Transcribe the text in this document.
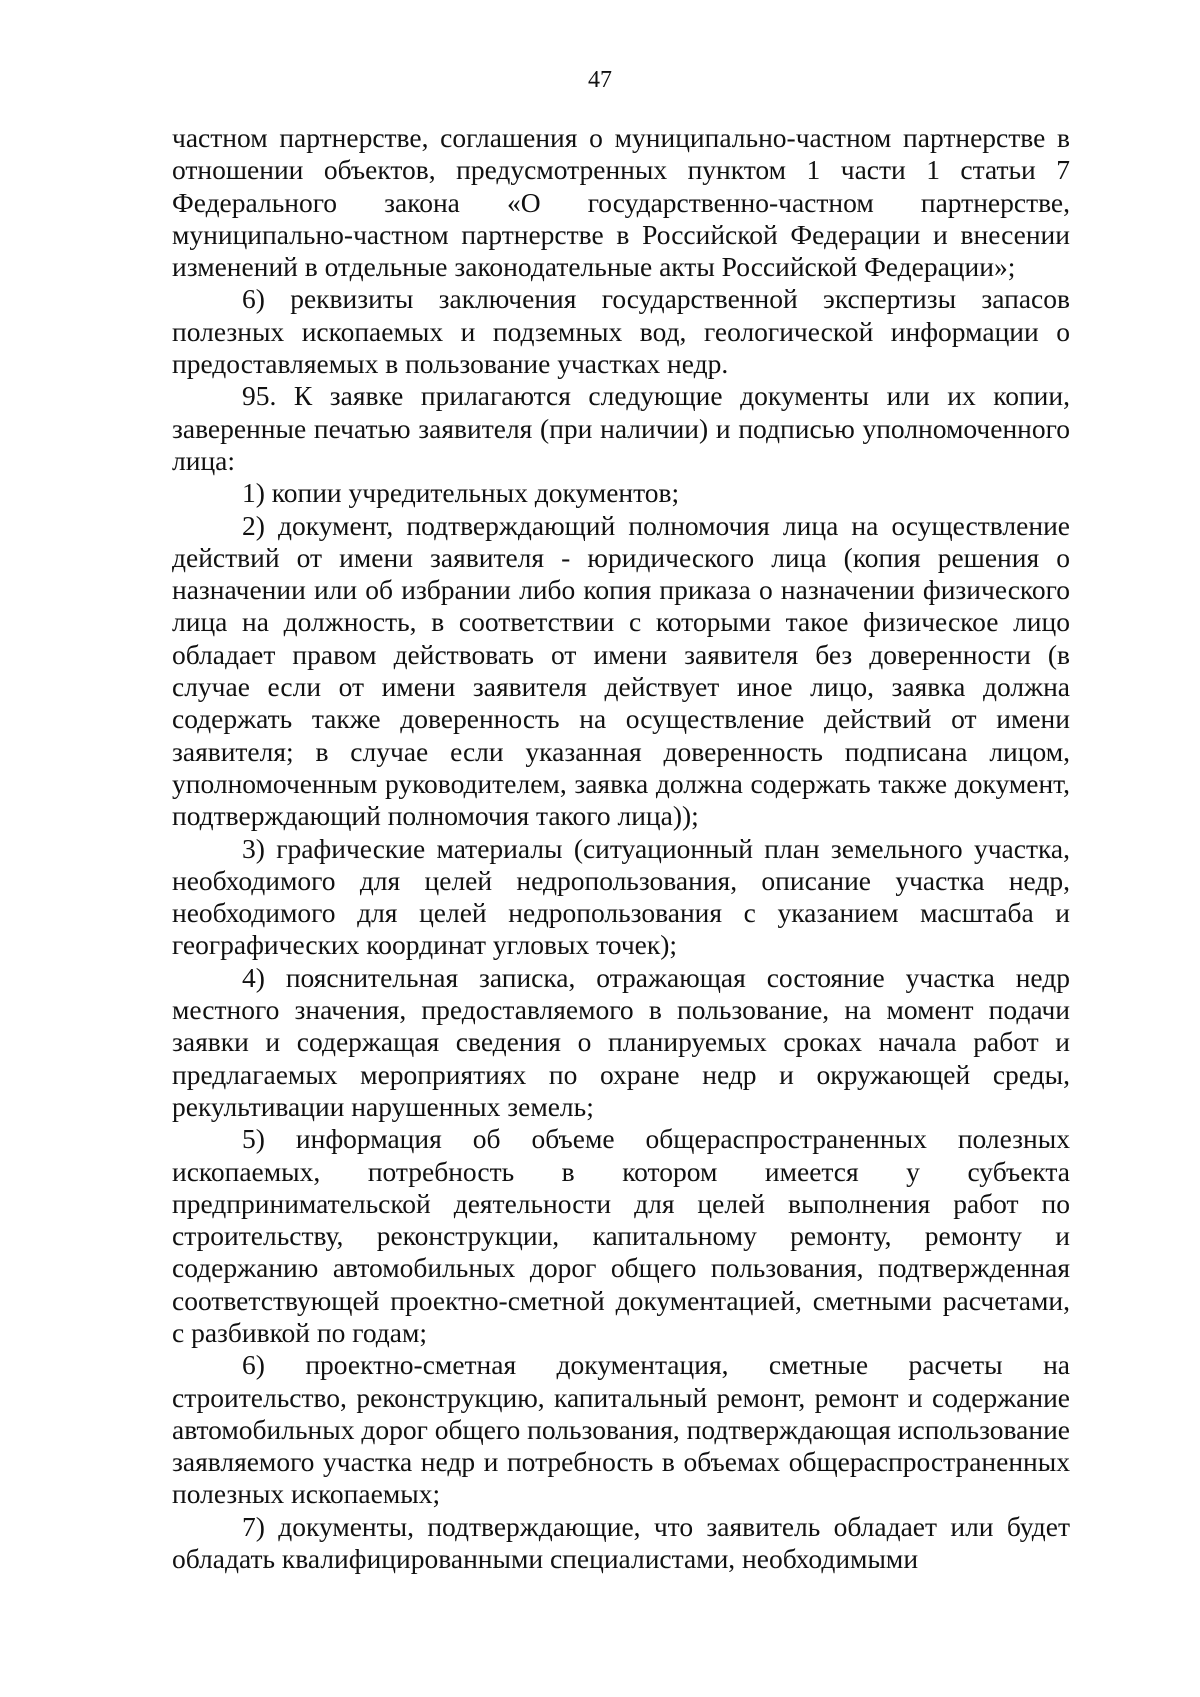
47

частном партнерстве, соглашения о муниципально-частном партнерстве в отношении объектов, предусмотренных пунктом 1 части 1 статьи 7 Федерального закона «О государственно-частном партнерстве, муниципально-частном партнерстве в Российской Федерации и внесении изменений в отдельные законодательные акты Российской Федерации»;

6) реквизиты заключения государственной экспертизы запасов полезных ископаемых и подземных вод, геологической информации о предоставляемых в пользование участках недр.

95. К заявке прилагаются следующие документы или их копии, заверенные печатью заявителя (при наличии) и подписью уполномоченного лица:

1) копии учредительных документов;

2) документ, подтверждающий полномочия лица на осуществление действий от имени заявителя - юридического лица (копия решения о назначении или об избрании либо копия приказа о назначении физического лица на должность, в соответствии с которыми такое физическое лицо обладает правом действовать от имени заявителя без доверенности (в случае если от имени заявителя действует иное лицо, заявка должна содержать также доверенность на осуществление действий от имени заявителя; в случае если указанная доверенность подписана лицом, уполномоченным руководителем, заявка должна содержать также документ, подтверждающий полномочия такого лица));

3) графические материалы (ситуационный план земельного участка, необходимого для целей недропользования, описание участка недр, необходимого для целей недропользования с указанием масштаба и географических координат угловых точек);

4) пояснительная записка, отражающая состояние участка недр местного значения, предоставляемого в пользование, на момент подачи заявки и содержащая сведения о планируемых сроках начала работ и предлагаемых мероприятиях по охране недр и окружающей среды, рекультивации нарушенных земель;

5) информация об объеме общераспространенных полезных ископаемых, потребность в котором имеется у субъекта предпринимательской деятельности для целей выполнения работ по строительству, реконструкции, капитальному ремонту, ремонту и содержанию автомобильных дорог общего пользования, подтвержденная соответствующей проектно-сметной документацией, сметными расчетами, с разбивкой по годам;

6) проектно-сметная документация, сметные расчеты на строительство, реконструкцию, капитальный ремонт, ремонт и содержание автомобильных дорог общего пользования, подтверждающая использование заявляемого участка недр и потребность в объемах общераспространенных полезных ископаемых;

7) документы, подтверждающие, что заявитель обладает или будет обладать квалифицированными специалистами, необходимыми
